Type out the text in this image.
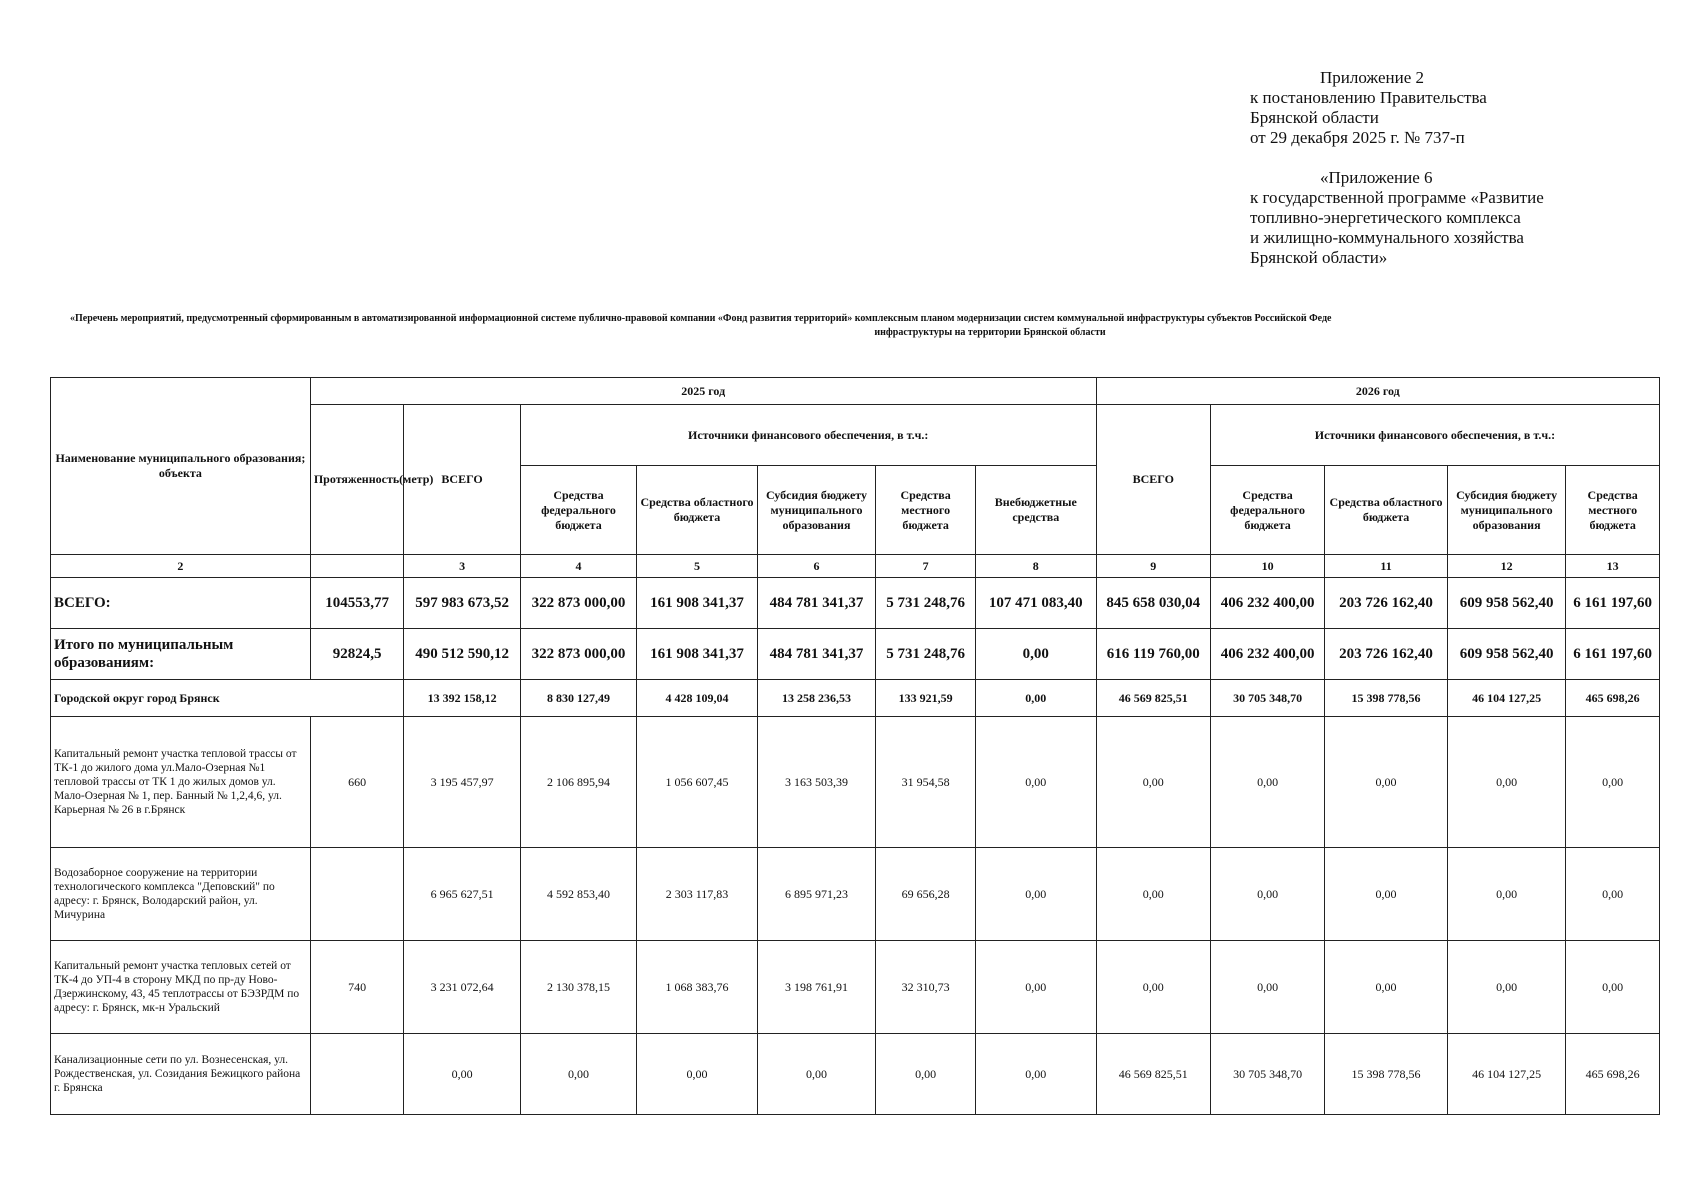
Приложение 2
к постановлению Правительства
Брянской области
от 29 декабря 2025 г. № 737-п
«Приложение 6
к государственной программе «Развитие
топливно-энергетического комплекса
и жилищно-коммунального хозяйства
Брянской области»
«Перечень мероприятий, предусмотренный сформированным в автоматизированной информационной системе публично-правовой компании «Фонд развития территорий» комплексным планом модернизации систем коммунальной инфраструктуры субъектов Российской Феде
инфраструктуры на территории Брянской области
Наименование муниципального образования; объекта	2025 год							2026 год				
	Протяженность(метр)	ВСЕГО	Источники финансового обеспечения, в т.ч.:					ВСЕГО	Источники финансового обеспечения, в т.ч.:			
			Средства федерального бюджета	Средства областного бюджета	Субсидия бюджету муниципального образования	Средства местного бюджета	Внебюджетные средства		Средства федерального бюджета	Средства областного бюджета	Субсидия бюджету муниципального образования	Средства местного бюджета
2		3	4	5	6	7	8	9	10	11	12	13
ВСЕГО:	104553,77	597 983 673,52	322 873 000,00	161 908 341,37	484 781 341,37	5 731 248,76	107 471 083,40	845 658 030,04	406 232 400,00	203 726 162,40	609 958 562,40	6 161 197,60
Итого по муниципальным образованиям:	92824,5	490 512 590,12	322 873 000,00	161 908 341,37	484 781 341,37	5 731 248,76	0,00	616 119 760,00	406 232 400,00	203 726 162,40	609 958 562,40	6 161 197,60
Городской округ город Брянск		13 392 158,12	8 830 127,49	4 428 109,04	13 258 236,53	133 921,59	0,00	46 569 825,51	30 705 348,70	15 398 778,56	46 104 127,25	465 698,26
Капитальный ремонт участка тепловой трассы от ТК-1 до жилого дома ул.Мало-Озерная №1 тепловой трассы от ТК 1 до жилых домов ул. Мало-Озерная № 1, пер. Банный № 1,2,4,6, ул. Карьерная № 26 в г.Брянск	660	3 195 457,97	2 106 895,94	1 056 607,45	3 163 503,39	31 954,58	0,00	0,00	0,00	0,00	0,00	0,00
Водозаборное сооружение на территории технологического комплекса "Деповский" по адресу: г. Брянск, Володарский район, ул. Мичурина		6 965 627,51	4 592 853,40	2 303 117,83	6 895 971,23	69 656,28	0,00	0,00	0,00	0,00	0,00	0,00
Капитальный ремонт участка тепловых сетей от ТК-4 до УП-4 в сторону МКД по пр-ду Ново-Дзержинскому, 43, 45 теплотрассы от БЭЗРДМ по адресу: г. Брянск, мк-н Уральский	740	3 231 072,64	2 130 378,15	1 068 383,76	3 198 761,91	32 310,73	0,00	0,00	0,00	0,00	0,00	0,00
Канализационные сети по ул. Вознесенская, ул. Рождественская, ул. Созидания Бежицкого района г. Брянска		0,00	0,00	0,00	0,00	0,00	0,00	46 569 825,51	30 705 348,70	15 398 778,56	46 104 127,25	465 698,26
